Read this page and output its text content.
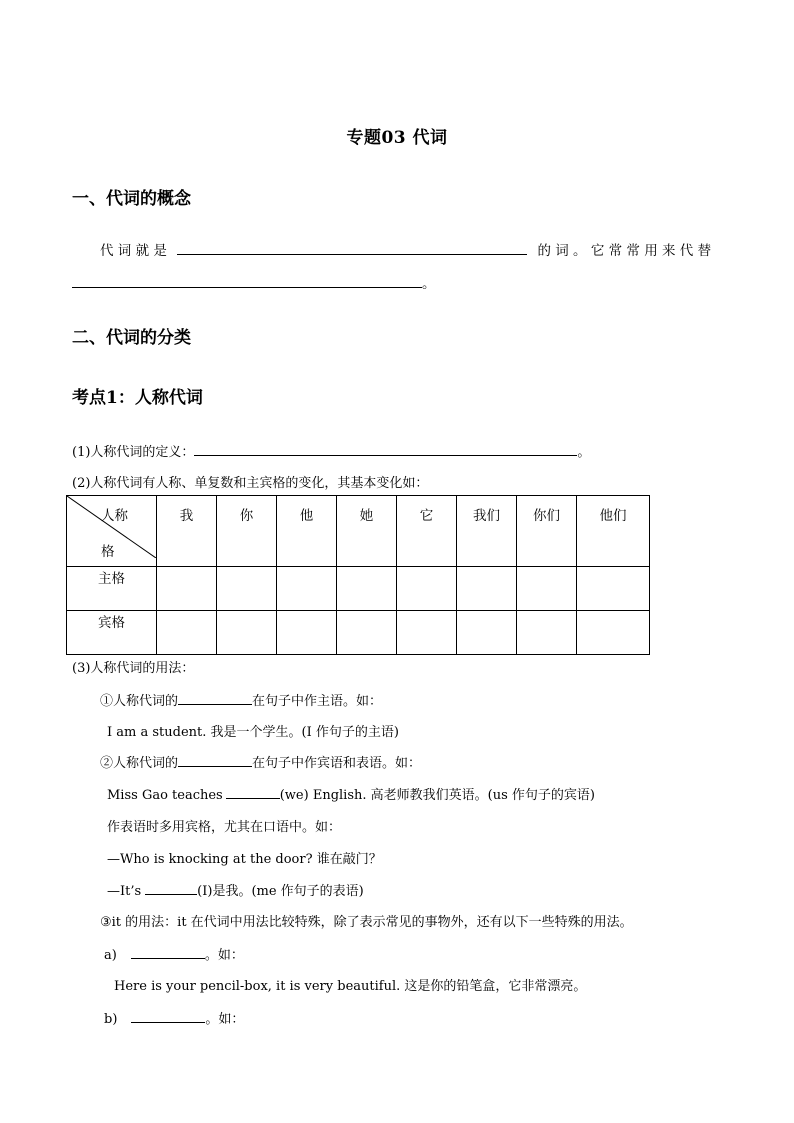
专题03 代词
一、代词的概念
代 词 就 是	的 词 。 它 常 常 用 来 代 替
。
二、代词的分类
考点1：人称代词
(1)人称代词的定义：	。
(2)人称代词有人称、单复数和主宾格的变化，其基本变化如：
人称
格	我	你	他	她	它	我们	你们	他们
主格								
宾格								
(3)人称代词的用法：
①人称代词的	在句子中作主语。如：
I am a student. 我是一个学生。(I 作句子的主语)
②人称代词的	在句子中作宾语和表语。如：
Miss Gao teaches	(we) English. 高老师教我们英语。(us 作句子的宾语)
作表语时多用宾格，尤其在口语中。如：
—Who is knocking at the door? 谁在敲门？
—It’s	(I)是我。(me 作句子的表语)
③it 的用法：it 在代词中用法比较特殊，除了表示常见的事物外，还有以下一些特殊的用法。
a)	。如：
Here is your pencil-box, it is very beautiful. 这是你的铅笔盒，它非常漂亮。
b)	。如：
